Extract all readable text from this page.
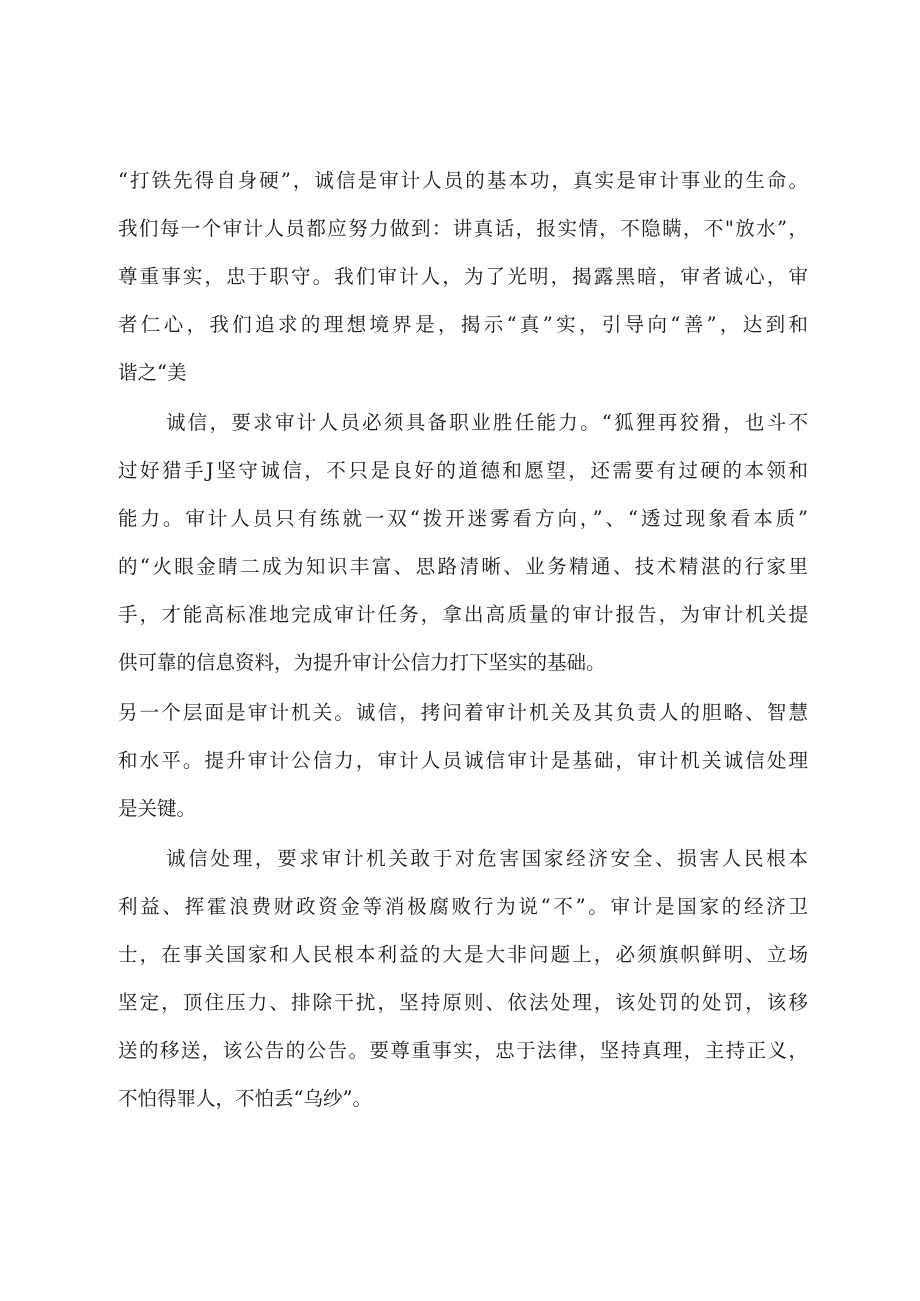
“打铁先得自身硬”，诚信是审计人员的基本功，真实是审计事业的生命。
我们每一个审计人员都应努力做到：讲真话，报实情，不隐瞒，不"放水”，
尊重事实，忠于职守。我们审计人，为了光明，揭露黑暗，审者诚心，审
者仁心，我们追求的理想境界是，揭示“真”实，引导向“善”，达到和
谐之“美
诚信，要求审计人员必须具备职业胜任能力。“狐狸再狡猾，也斗不
过好猎手J坚守诚信，不只是良好的道德和愿望，还需要有过硬的本领和
能力。审计人员只有练就一双“拨开迷雾看方向，”、“透过现象看本质”
的“火眼金睛二成为知识丰富、思路清晰、业务精通、技术精湛的行家里
手，才能高标准地完成审计任务，拿出高质量的审计报告，为审计机关提
供可靠的信息资料，为提升审计公信力打下坚实的基础。
另一个层面是审计机关。诚信，拷问着审计机关及其负责人的胆略、智慧
和水平。提升审计公信力，审计人员诚信审计是基础，审计机关诚信处理
是关键。
诚信处理，要求审计机关敢于对危害国家经济安全、损害人民根本
利益、挥霍浪费财政资金等消极腐败行为说“不”。审计是国家的经济卫
士，在事关国家和人民根本利益的大是大非问题上，必须旗帜鲜明、立场
坚定，顶住压力、排除干扰，坚持原则、依法处理，该处罚的处罚，该移
送的移送，该公告的公告。要尊重事实，忠于法律，坚持真理，主持正义，
不怕得罪人，不怕丢“乌纱”。
